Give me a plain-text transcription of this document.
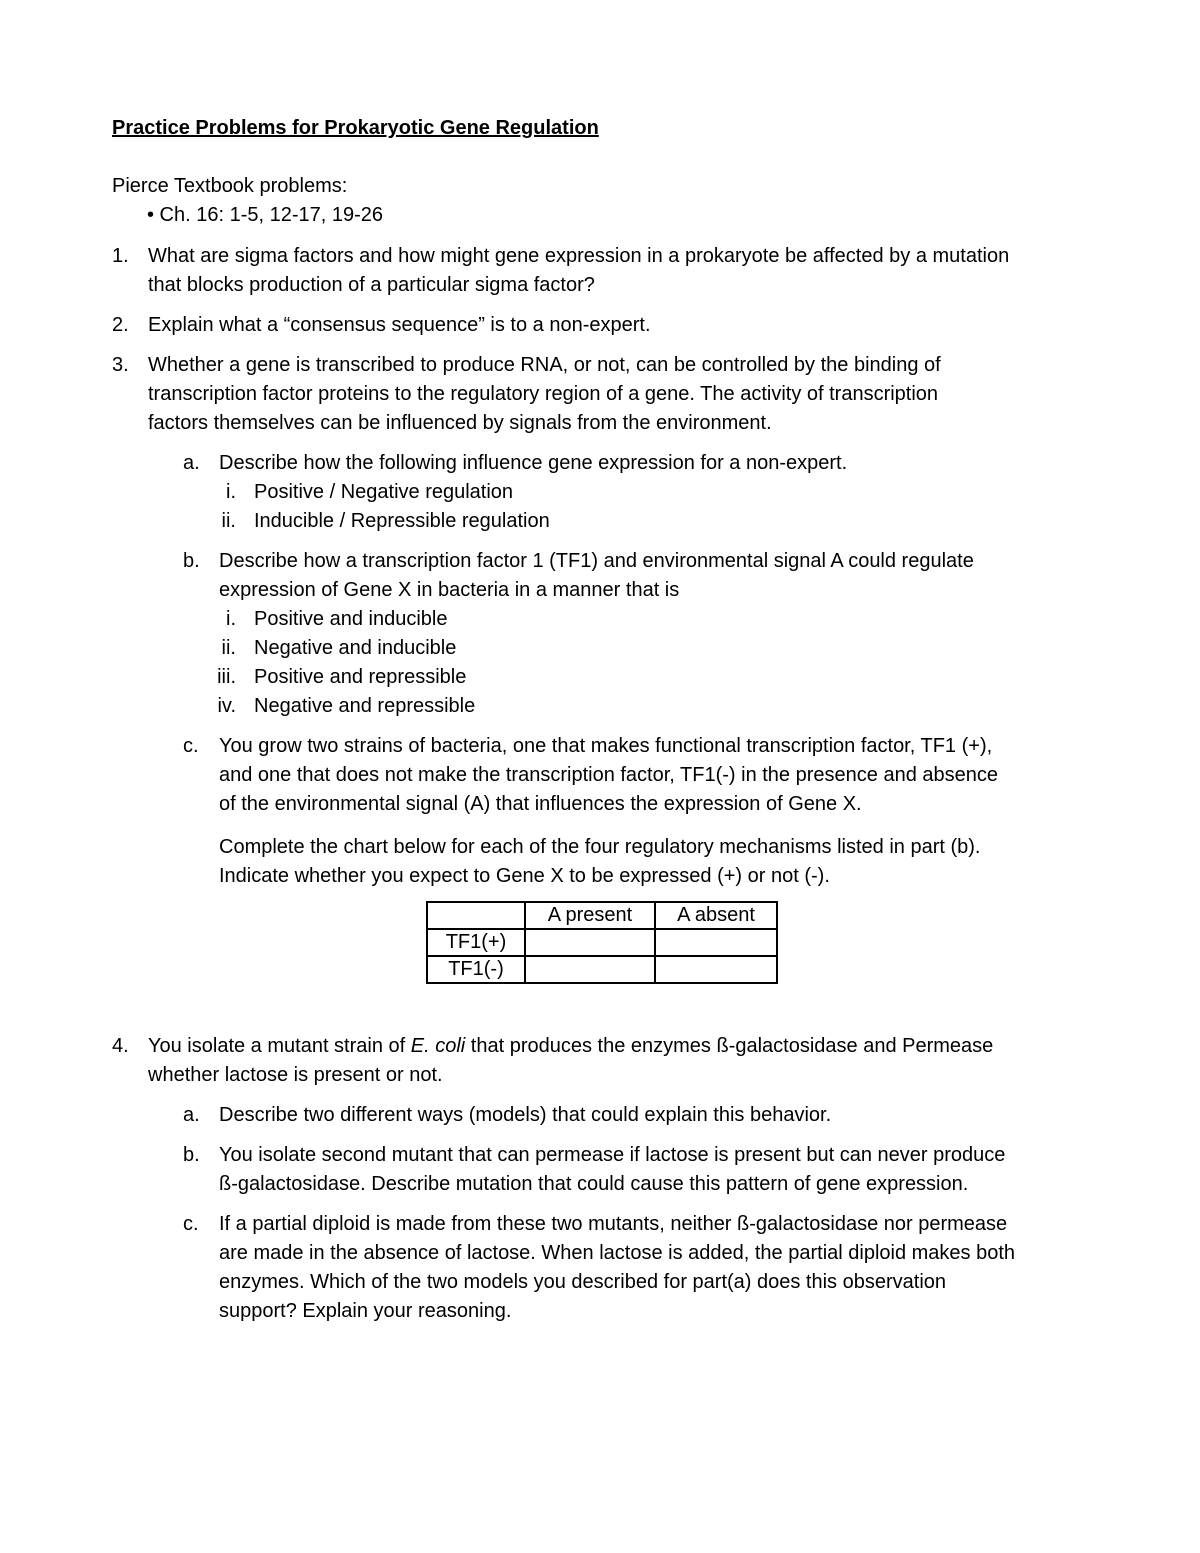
Practice Problems for Prokaryotic Gene Regulation
Pierce Textbook problems:
• Ch. 16: 1-5, 12-17, 19-26
1. What are sigma factors and how might gene expression in a prokaryote be affected by a mutation
that blocks production of a particular sigma factor?
2. Explain what a “consensus sequence” is to a non-expert.
3. Whether a gene is transcribed to produce RNA, or not, can be controlled by the binding of
transcription factor proteins to the regulatory region of a gene. The activity of transcription
factors themselves can be influenced by signals from the environment.
a. Describe how the following influence gene expression for a non-expert.
i. Positive / Negative regulation
ii. Inducible / Repressible regulation
b. Describe how a transcription factor 1 (TF1) and environmental signal A could regulate
expression of Gene X in bacteria in a manner that is
i. Positive and inducible
ii. Negative and inducible
iii. Positive and repressible
iv. Negative and repressible
c. You grow two strains of bacteria, one that makes functional transcription factor, TF1 (+),
and one that does not make the transcription factor, TF1(-) in the presence and absence
of the environmental signal (A) that influences the expression of Gene X.
Complete the chart below for each of the four regulatory mechanisms listed in part (b).
Indicate whether you expect to Gene X to be expressed (+) or not (-).
	A present	A absent
TF1(+)		
TF1(-)		
4. You isolate a mutant strain of E. coli that produces the enzymes ß-galactosidase and Permease
whether lactose is present or not.
a. Describe two different ways (models) that could explain this behavior.
b. You isolate second mutant that can permease if lactose is present but can never produce
ß-galactosidase. Describe mutation that could cause this pattern of gene expression.
c. If a partial diploid is made from these two mutants, neither ß-galactosidase nor permease
are made in the absence of lactose. When lactose is added, the partial diploid makes both
enzymes. Which of the two models you described for part(a) does this observation
support? Explain your reasoning.
